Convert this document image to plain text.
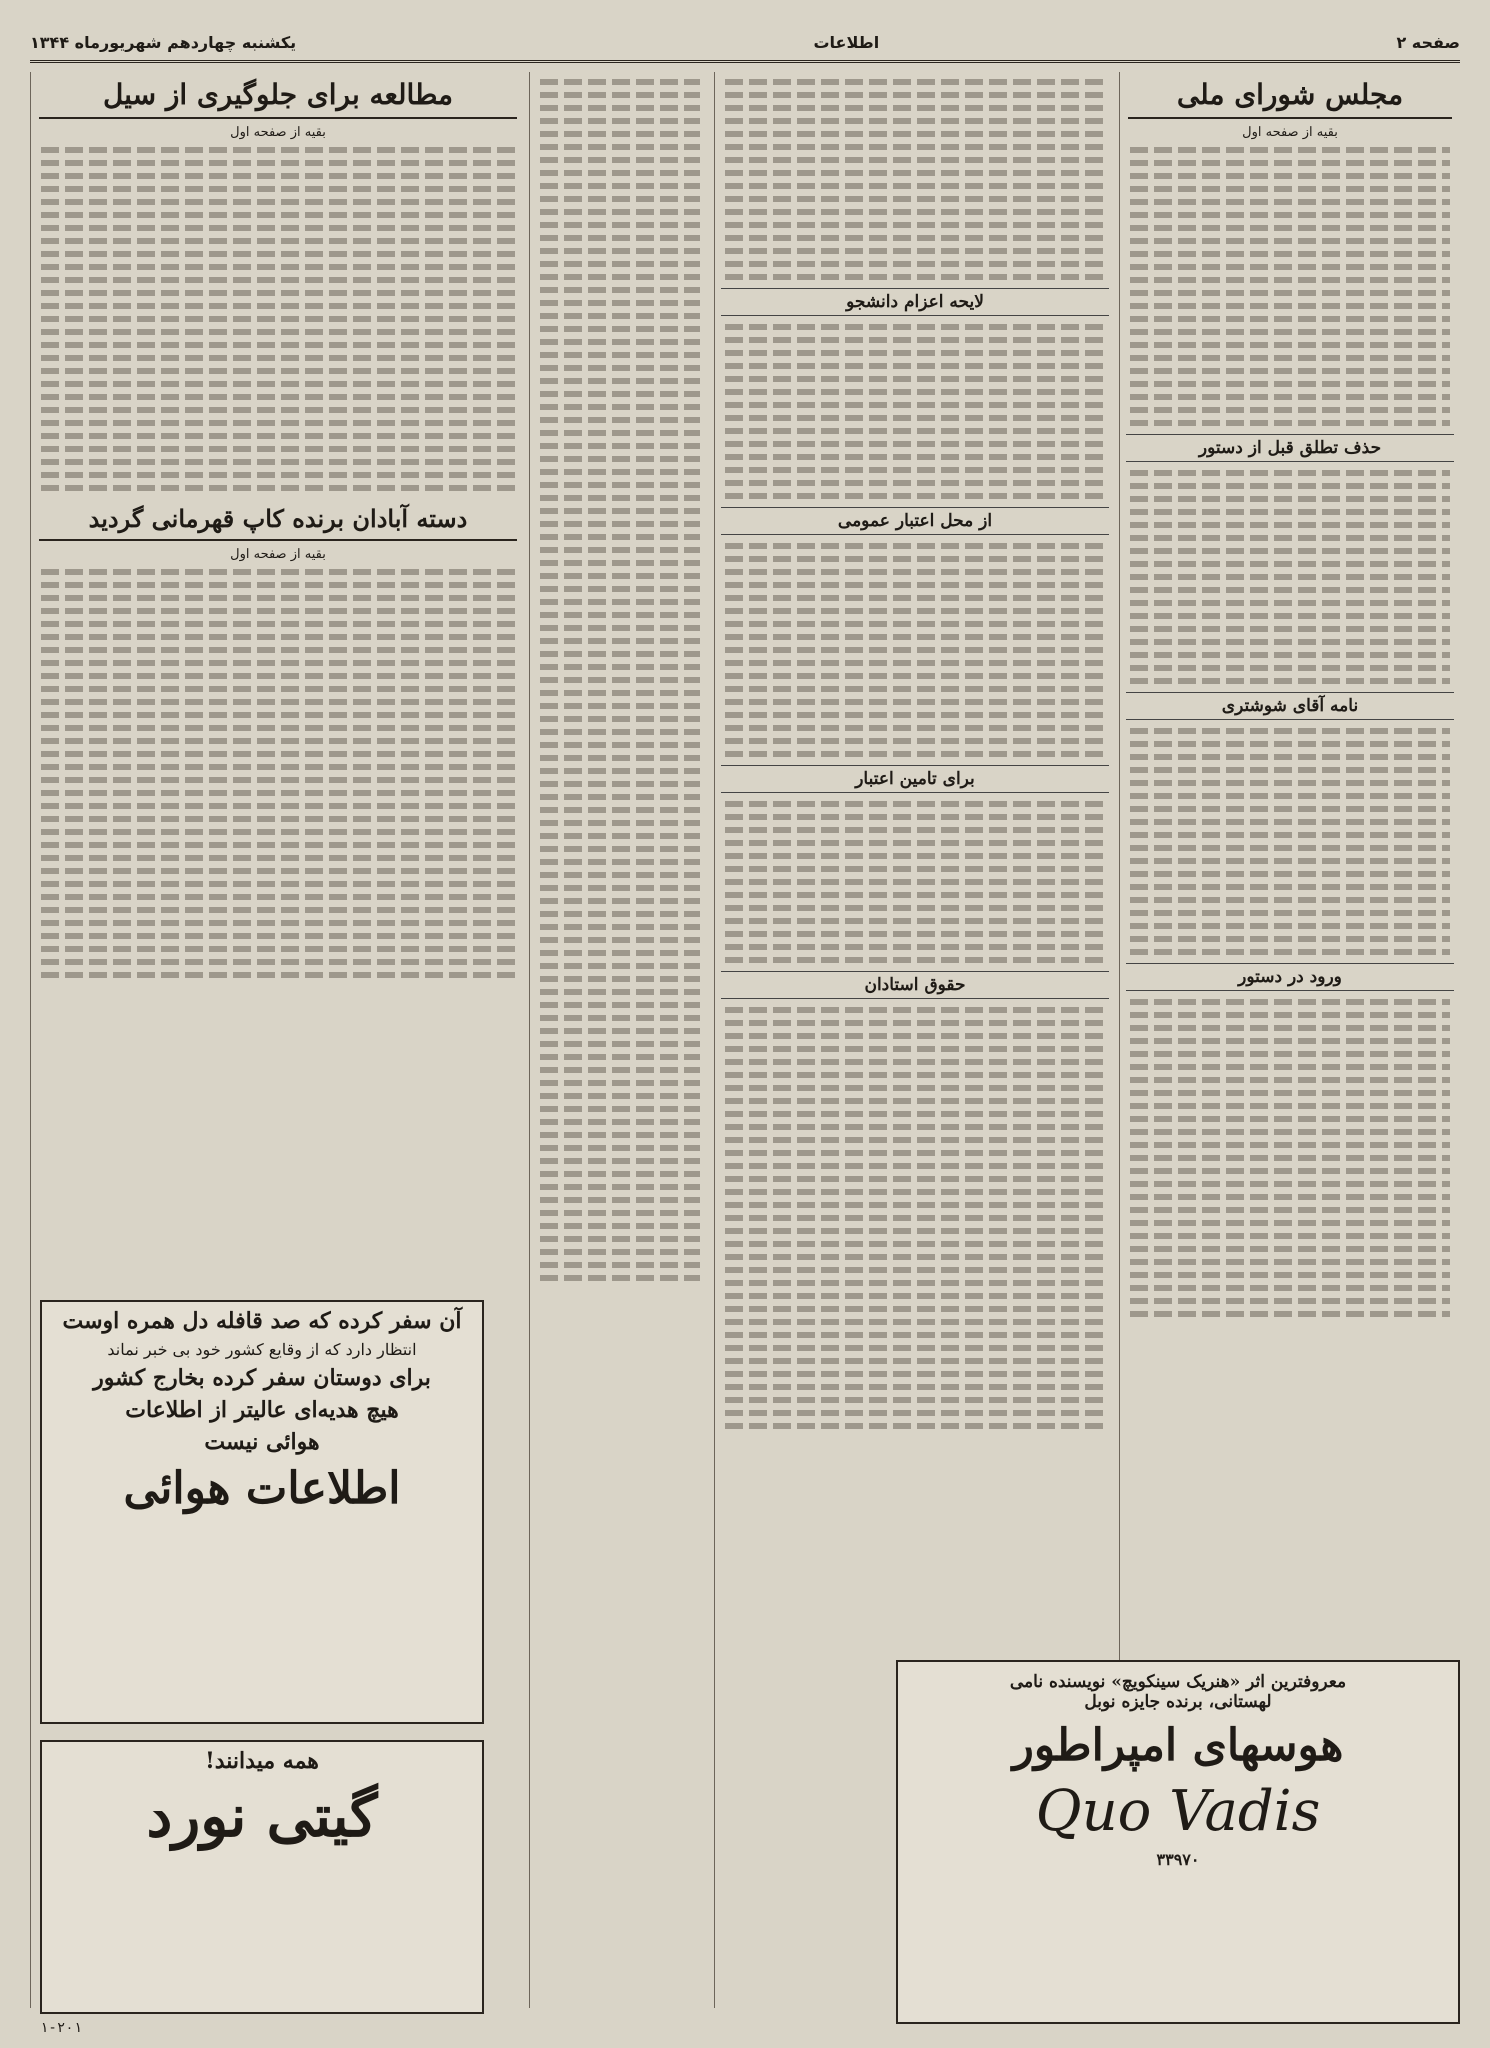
صفحه ۲
اطلاعات
یکشنبه چهاردهم شهریورماه ۱۳۴۴
مجلس شورای ملی
بقیه از صفحه اول
حذف تطلق قبل از دستور
نامه آقای شوشتری
ورود در دستور
لایحه اعزام دانشجو
از محل اعتبار عمومی
برای تامین اعتبار
حقوق استادان
مطالعه برای جلوگیری از سیل
بقیه از صفحه اول
دسته آبادان برنده کاپ قهرمانی گردید
بقیه از صفحه اول
آن سفر کرده که صد قافله دل همره اوست
انتظار دارد که از وقایع کشور خود بی خبر نماند
برای دوستان سفر کرده بخارج کشور
هیچ هدیه‌ای عالیتر از اطلاعات
هوائی نیست
اطلاعات هوائی
همه میدانند!
گیتی نورد
معروفترین اثر «هنریک سینکویچ» نویسنده نامی
لهستانی، برنده جایزه نوبل
هوسهای امپراطور
Quo Vadis
۳۳۹۷۰
۱-۲۰۱
